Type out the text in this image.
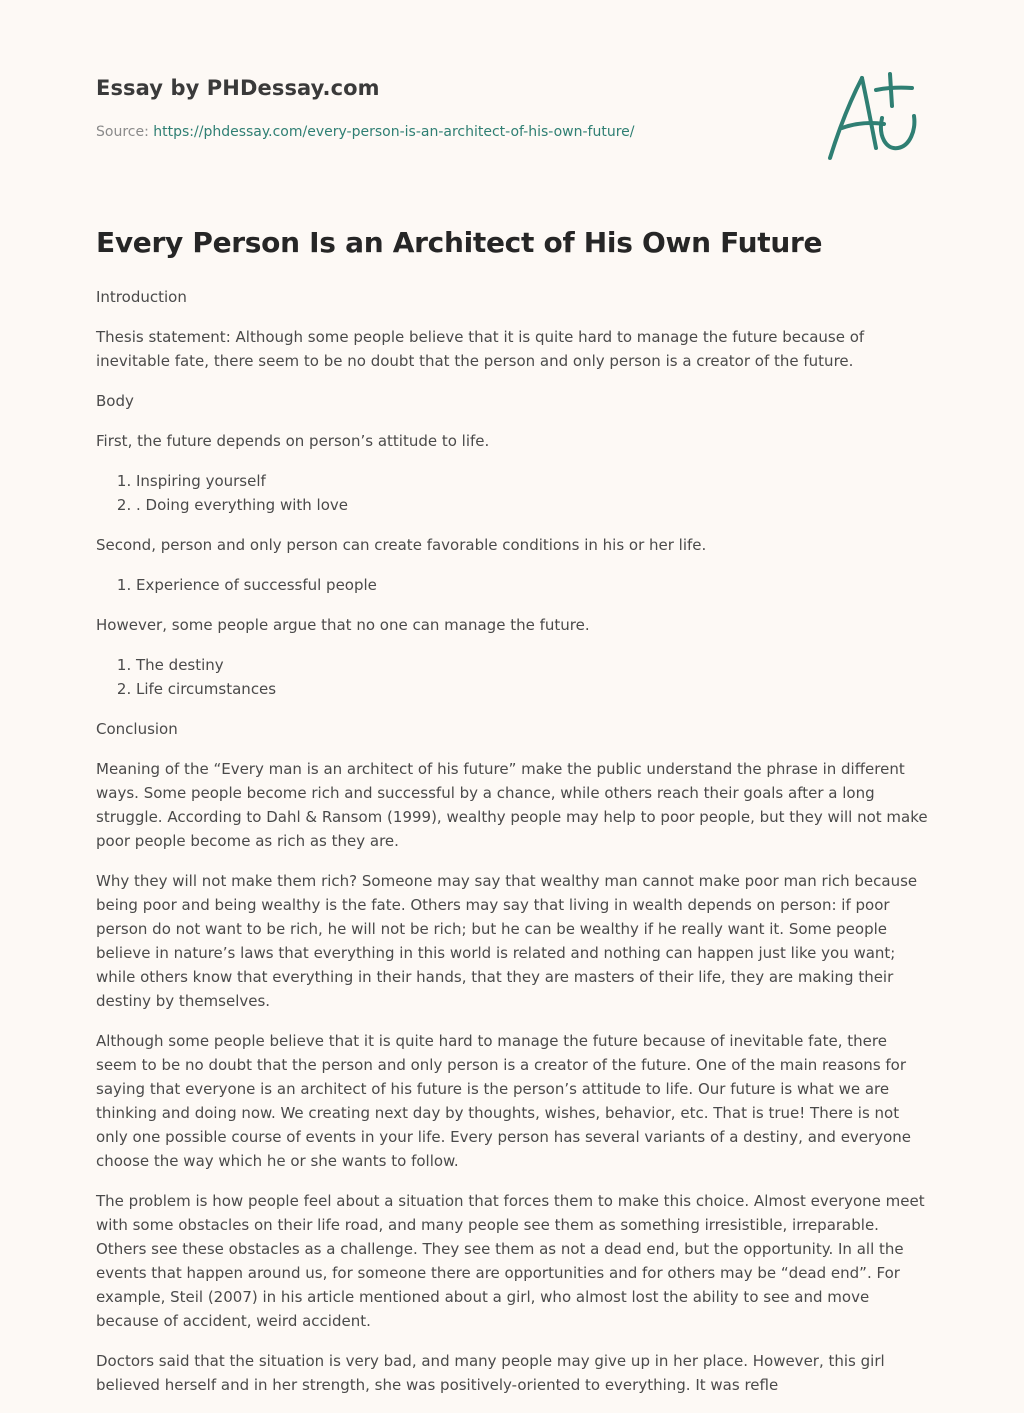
Essay by PHDessay.com
Source: https://phdessay.com/every-person-is-an-architect-of-his-own-future/
Every Person Is an Architect of His Own Future

Introduction

Thesis statement: Although some people believe that it is quite hard to manage the future because of inevitable fate, there seem to be no doubt that the person and only person is a creator of the future.

Body

First, the future depends on person’s attitude to life.

1. Inspiring yourself
2. . Doing everything with love

Second, person and only person can create favorable conditions in his or her life.

1. Experience of successful people

However, some people argue that no one can manage the future.

1. The destiny
2. Life circumstances

Conclusion

Meaning of the “Every man is an architect of his future” make the public understand the phrase in different ways. Some people become rich and successful by a chance, while others reach their goals after a long struggle. According to Dahl & Ransom (1999), wealthy people may help to poor people, but they will not make poor people become as rich as they are.

Why they will not make them rich? Someone may say that wealthy man cannot make poor man rich because being poor and being wealthy is the fate. Others may say that living in wealth depends on person: if poor person do not want to be rich, he will not be rich; but he can be wealthy if he really want it. Some people believe in nature’s laws that everything in this world is related and nothing can happen just like you want; while others know that everything in their hands, that they are masters of their life, they are making their destiny by themselves.

Although some people believe that it is quite hard to manage the future because of inevitable fate, there seem to be no doubt that the person and only person is a creator of the future. One of the main reasons for saying that everyone is an architect of his future is the person’s attitude to life. Our future is what we are thinking and doing now. We creating next day by thoughts, wishes, behavior, etc. That is true! There is not only one possible course of events in your life. Every person has several variants of a destiny, and everyone choose the way which he or she wants to follow.

The problem is how people feel about a situation that forces them to make this choice. Almost everyone meet with some obstacles on their life road, and many people see them as something irresistible, irreparable. Others see these obstacles as a challenge. They see them as not a dead end, but the opportunity. In all the events that happen around us, for someone there are opportunities and for others may be “dead end”. For example, Steil (2007) in his article mentioned about a girl, who almost lost the ability to see and move because of accident, weird accident.

Doctors said that the situation is very bad, and many people may give up in her place. However, this girl believed herself and in her strength, she was positively-oriented to everything. It was refle
